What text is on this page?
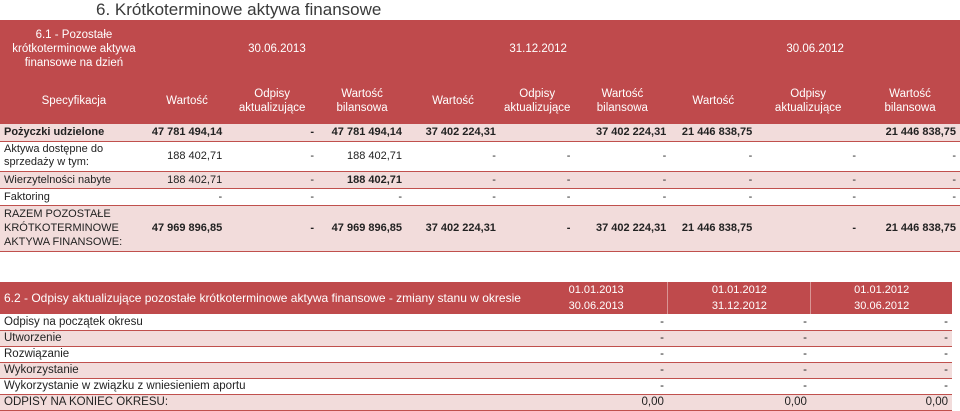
6. Krótkoterminowe aktywa finansowe
6.1 - Pozostałe krótkoterminowe aktywa finansowe na dzień	30.06.2013			31.12.2012			30.06.2012		
Specyfikacja	Wartość	Odpisy aktualizujące	Wartość bilansowa	Wartość	Odpisy aktualizujące	Wartość bilansowa	Wartość	Odpisy aktualizujące	Wartość bilansowa
Pożyczki udzielone	47 781 494,14	-	47 781 494,14	37 402 224,31		37 402 224,31	21 446 838,75		21 446 838,75
Aktywa dostępne do sprzedaży w tym:	188 402,71	-	188 402,71	-	-	-	-	-	-
Wierzytelności nabyte	188 402,71	-	188 402,71	-	-	-	-	-	-
Faktoring	-	-	-	-	-	-	-	-	-
RAZEM POZOSTAŁE KRÓTKOTERMINOWE AKTYWA FINANSOWE:	47 969 896,85	-	47 969 896,85	37 402 224,31	-	37 402 224,31	21 446 838,75	-	21 446 838,75
6.2 - Odpisy aktualizujące pozostałe krótkoterminowe aktywa finansowe - zmiany stanu w okresie	01.01.2013	01.01.2012	01.01.2012
	30.06.2013	31.12.2012	30.06.2012
Odpisy na początek okresu	-	-	-
Utworzenie	-	-	-
Rozwiązanie	-	-	-
Wykorzystanie	-	-	-
Wykorzystanie w związku z wniesieniem aportu	-	-	-
ODPISY NA KONIEC OKRESU:	0,00	0,00	0,00
